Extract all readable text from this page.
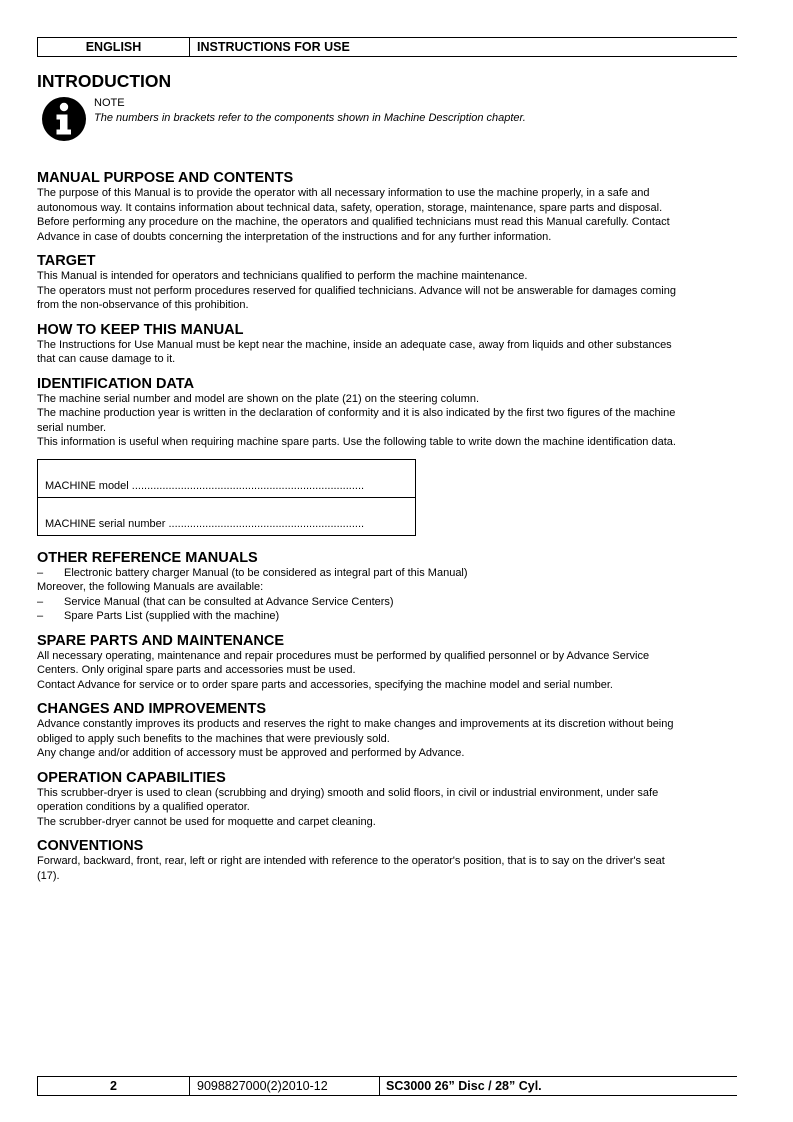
ENGLISH	INSTRUCTIONS FOR USE
INTRODUCTION
NOTE
The numbers in brackets refer to the components shown in Machine Description chapter.
MANUAL PURPOSE AND CONTENTS
The purpose of this Manual is to provide the operator with all necessary information to use the machine properly, in a safe and
autonomous way. It contains information about technical data, safety, operation, storage, maintenance, spare parts and disposal.
Before performing any procedure on the machine, the operators and qualified technicians must read this Manual carefully. Contact
Advance in case of doubts concerning the interpretation of the instructions and for any further information.
TARGET
This Manual is intended for operators and technicians qualified to perform the machine maintenance.
The operators must not perform procedures reserved for qualified technicians. Advance will not be answerable for damages coming
from the non-observance of this prohibition.
HOW TO KEEP THIS MANUAL
The Instructions for Use Manual must be kept near the machine, inside an adequate case, away from liquids and other substances
that can cause damage to it.
IDENTIFICATION DATA
The machine serial number and model are shown on the plate (21) on the steering column.
The machine production year is written in the declaration of conformity and it is also indicated by the first two figures of the machine
serial number.
This information is useful when requiring machine spare parts. Use the following table to write down the machine identification data.
MACHINE model ............................................................................
MACHINE serial number ................................................................
OTHER REFERENCE MANUALS
– Electronic battery charger Manual (to be considered as integral part of this Manual)
Moreover, the following Manuals are available:
– Service Manual (that can be consulted at Advance Service Centers)
– Spare Parts List (supplied with the machine)
SPARE PARTS AND MAINTENANCE
All necessary operating, maintenance and repair procedures must be performed by qualified personnel or by Advance Service
Centers. Only original spare parts and accessories must be used.
Contact Advance for service or to order spare parts and accessories, specifying the machine model and serial number.
CHANGES AND IMPROVEMENTS
Advance constantly improves its products and reserves the right to make changes and improvements at its discretion without being
obliged to apply such benefits to the machines that were previously sold.
Any change and/or addition of accessory must be approved and performed by Advance.
OPERATION CAPABILITIES
This scrubber-dryer is used to clean (scrubbing and drying) smooth and solid floors, in civil or industrial environment, under safe
operation conditions by a qualified operator.
The scrubber-dryer cannot be used for moquette and carpet cleaning.
CONVENTIONS
Forward, backward, front, rear, left or right are intended with reference to the operator's position, that is to say on the driver's seat
(17).
2	9098827000(2)2010-12	SC3000 26” Disc / 28” Cyl.
